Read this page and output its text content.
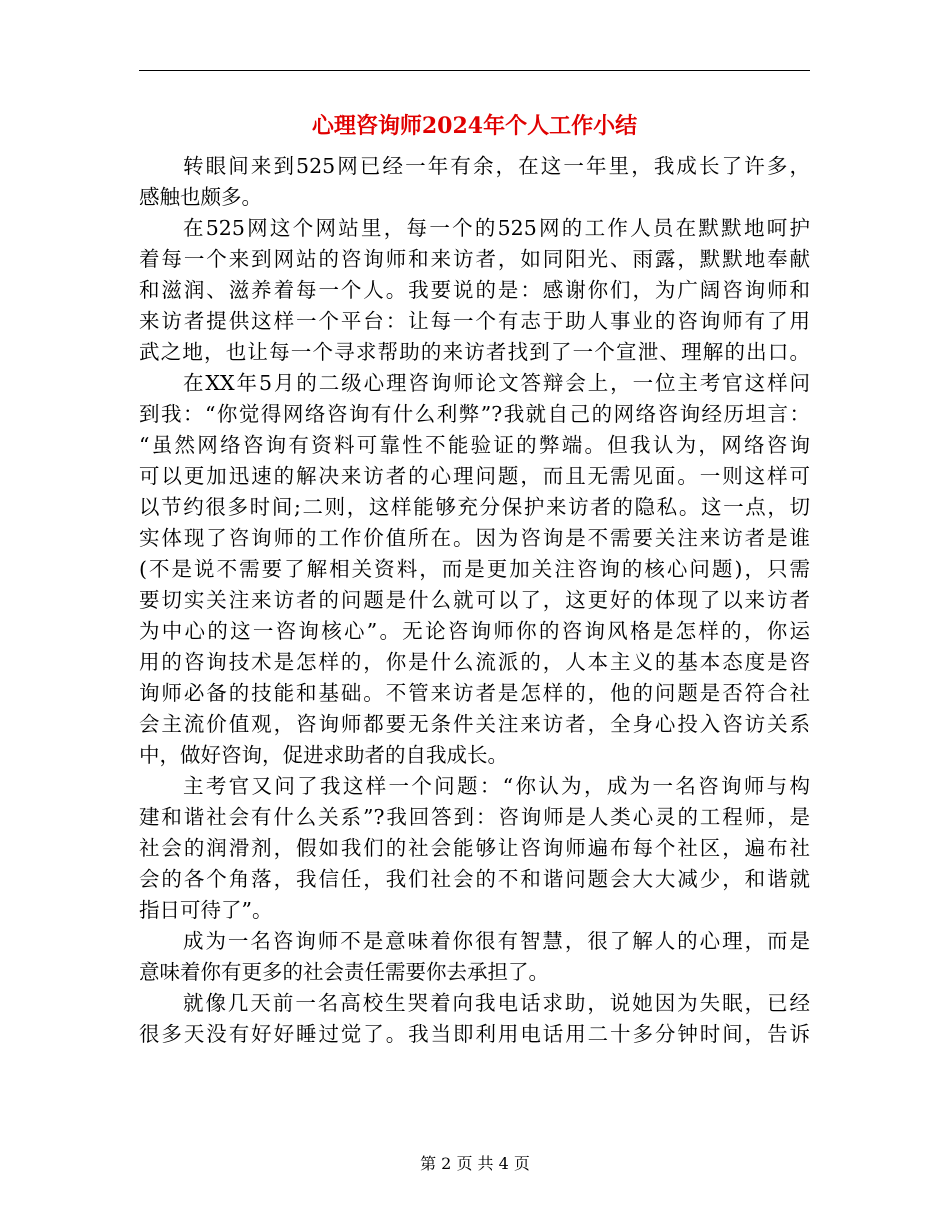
心理咨询师2024年个人工作小结
转眼间来到525网已经一年有余，在这一年里，我成长了许多，
感触也颇多。
在525网这个网站里，每一个的525网的工作人员在默默地呵护
着每一个来到网站的咨询师和来访者，如同阳光、雨露，默默地奉献
和滋润、滋养着每一个人。我要说的是：感谢你们，为广阔咨询师和
来访者提供这样一个平台：让每一个有志于助人事业的咨询师有了用
武之地，也让每一个寻求帮助的来访者找到了一个宣泄、理解的出口。
在XX年5月的二级心理咨询师论文答辩会上，一位主考官这样问
到我：“你觉得网络咨询有什么利弊”?我就自己的网络咨询经历坦言：
“虽然网络咨询有资料可靠性不能验证的弊端。但我认为，网络咨询
可以更加迅速的解决来访者的心理问题，而且无需见面。一则这样可
以节约很多时间;二则，这样能够充分保护来访者的隐私。这一点，切
实体现了咨询师的工作价值所在。因为咨询是不需要关注来访者是谁
(不是说不需要了解相关资料，而是更加关注咨询的核心问题)，只需
要切实关注来访者的问题是什么就可以了，这更好的体现了以来访者
为中心的这一咨询核心”。无论咨询师你的咨询风格是怎样的，你运
用的咨询技术是怎样的，你是什么流派的，人本主义的基本态度是咨
询师必备的技能和基础。不管来访者是怎样的，他的问题是否符合社
会主流价值观，咨询师都要无条件关注来访者，全身心投入咨访关系
中，做好咨询，促进求助者的自我成长。
主考官又问了我这样一个问题：“你认为，成为一名咨询师与构
建和谐社会有什么关系”?我回答到：咨询师是人类心灵的工程师，是
社会的润滑剂，假如我们的社会能够让咨询师遍布每个社区，遍布社
会的各个角落，我信任，我们社会的不和谐问题会大大减少，和谐就
指日可待了”。
成为一名咨询师不是意味着你很有智慧，很了解人的心理，而是
意味着你有更多的社会责任需要你去承担了。
就像几天前一名高校生哭着向我电话求助，说她因为失眠，已经
很多天没有好好睡过觉了。我当即利用电话用二十多分钟时间，告诉
第 2 页 共 4 页
